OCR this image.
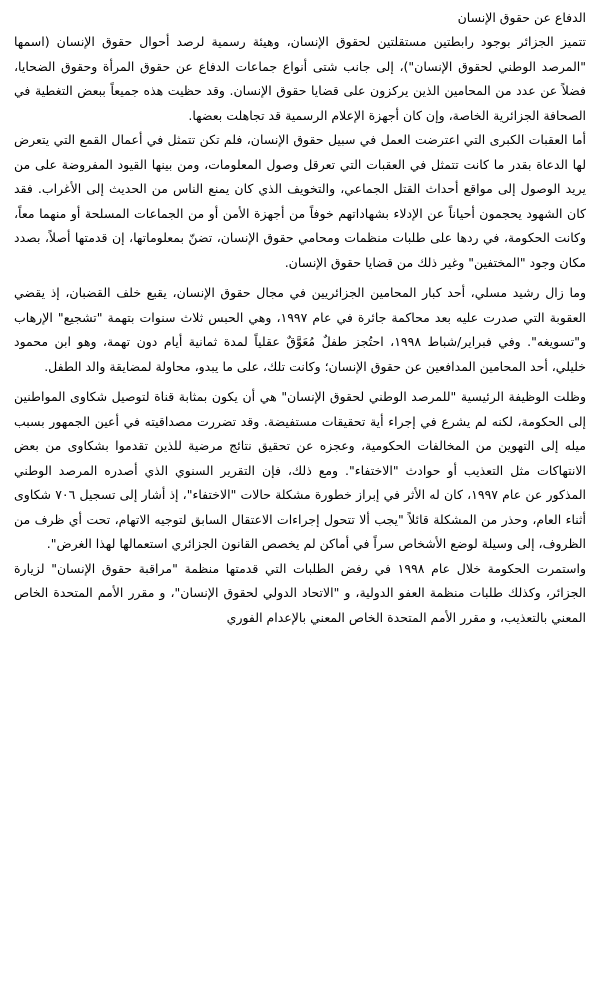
الدفاع عن حقوق الإنسان

تتميز الجزائر بوجود رابطتين مستقلتين لحقوق الإنسان، وهيئة رسمية لرصد أحوال حقوق الإنسان (اسمها "المرصد الوطني لحقوق الإنسان")، إلى جانب شتى أنواع جماعات الدفاع عن حقوق المرأة وحقوق الضحايا، فضلاً عن عدد من المحامين الذين يركزون على قضايا حقوق الإنسان. وقد حظيت هذه جميعاً ببعض التغطية في الصحافة الجزائرية الخاصة، وإن كان أجهزة الإعلام الرسمية قد تجاهلت بعضها.

أما العقبات الكبرى التي اعترضت العمل في سبيل حقوق الإنسان، فلم تكن تتمثل في أعمال القمع التي يتعرض لها الدعاة بقدر ما كانت تتمثل في العقبات التي تعرقل وصول المعلومات، ومن بينها القيود المفروضة على من يريد الوصول إلى مواقع أحداث القتل الجماعي، والتخويف الذي كان يمنع الناس من الحديث إلى الأغراب. فقد كان الشهود يحجمون أحياناً عن الإدلاء بشهاداتهم خوفاً من أجهزة الأمن أو من الجماعات المسلحة أو منهما معاً، وكانت الحكومة، في ردها على طلبات منظمات ومحامي حقوق الإنسان، تضنّ بمعلوماتها، إن قدمتها أصلاً، بصدد مكان وجود "المختفين" وغير ذلك من قضايا حقوق الإنسان.

وما زال رشيد مسلي، أحد كبار المحامين الجزائريين في مجال حقوق الإنسان، يقبع خلف القضبان، إذ يقضي العقوبة التي صدرت عليه بعد محاكمة جائرة في عام ١٩٩٧، وهي الحبس ثلاث سنوات بتهمة "تشجيع" الإرهاب و"تسويغه". وفي فبراير/شباط ١٩٩٨، احتُجز طفلٌ مُعَوَّقٌ عقلياً لمدة ثمانية أيام دون تهمة، وهو ابن محمود خليلي، أحد المحامين المدافعين عن حقوق الإنسان؛ وكانت تلك، على ما يبدو، محاولة لمضايقة والد الطفل.

وظلت الوظيفة الرئيسية "للمرصد الوطني لحقوق الإنسان" هي أن يكون بمثابة قناة لتوصيل شكاوى المواطنين إلى الحكومة، لكنه لم يشرع في إجراء أية تحقيقات مستفيضة. وقد تضررت مصداقيته في أعين الجمهور بسبب ميله إلى التهوين من المخالفات الحكومية، وعجزه عن تحقيق نتائج مرضية للذين تقدموا بشكاوى من بعض الانتهاكات مثل التعذيب أو حوادث "الاختفاء". ومع ذلك، فإن التقرير السنوي الذي أصدره المرصد الوطني المذكور عن عام ١٩٩٧، كان له الأثر في إبراز خطورة مشكلة حالات "الاختفاء"، إذ أشار إلى تسجيل ٧٠٦ شكاوى أثناء العام، وحذر من المشكلة قائلاً "يجب ألا تتحول إجراءات الاعتقال السابق لتوجيه الاتهام، تحت أي ظرف من الظروف، إلى وسيلة لوضع الأشخاص سراً في أماكن لم يخصص القانون الجزائري استعمالها لهذا الغرض".

واستمرت الحكومة خلال عام ١٩٩٨ في رفض الطلبات التي قدمتها منظمة "مراقبة حقوق الإنسان" لزيارة الجزائر، وكذلك طلبات منظمة العفو الدولية، و "الاتحاد الدولي لحقوق الإنسان"، و مقرر الأمم المتحدة الخاص المعني بالتعذيب، و مقرر الأمم المتحدة الخاص المعني بالإعدام الفوري
